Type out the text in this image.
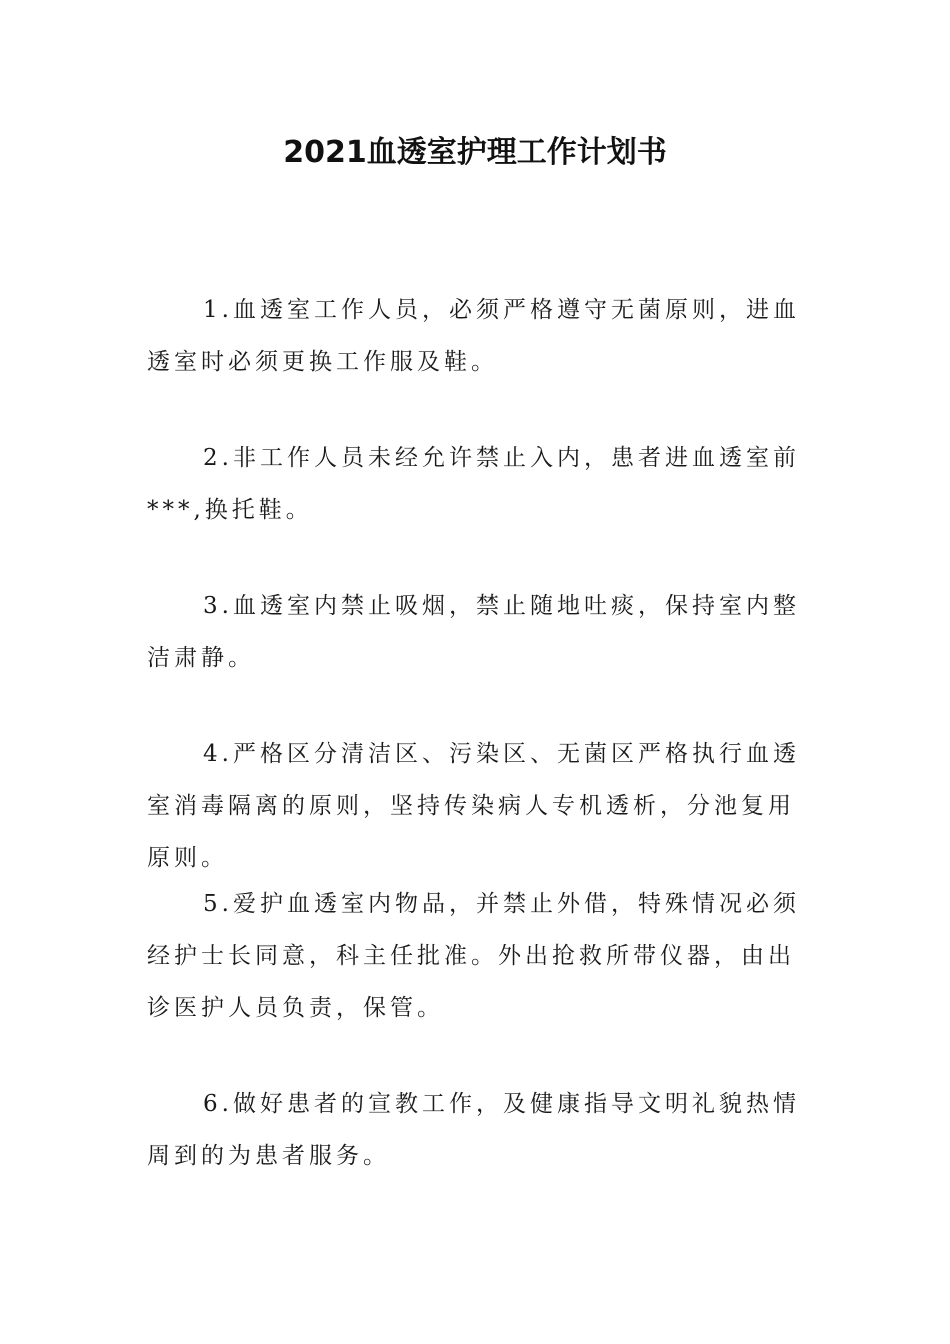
2021血透室护理工作计划书

1.血透室工作人员，必须严格遵守无菌原则，进血透室时必须更换工作服及鞋。

2.非工作人员未经允许禁止入内，患者进血透室前***,换托鞋。

3.血透室内禁止吸烟，禁止随地吐痰，保持室内整洁肃静。

4.严格区分清洁区、污染区、无菌区严格执行血透室消毒隔离的原则，坚持传染病人专机透析，分池复用原则。

5.爱护血透室内物品，并禁止外借，特殊情况必须经护士长同意，科主任批准。外出抢救所带仪器，由出诊医护人员负责，保管。

6.做好患者的宣教工作，及健康指导文明礼貌热情周到的为患者服务。
